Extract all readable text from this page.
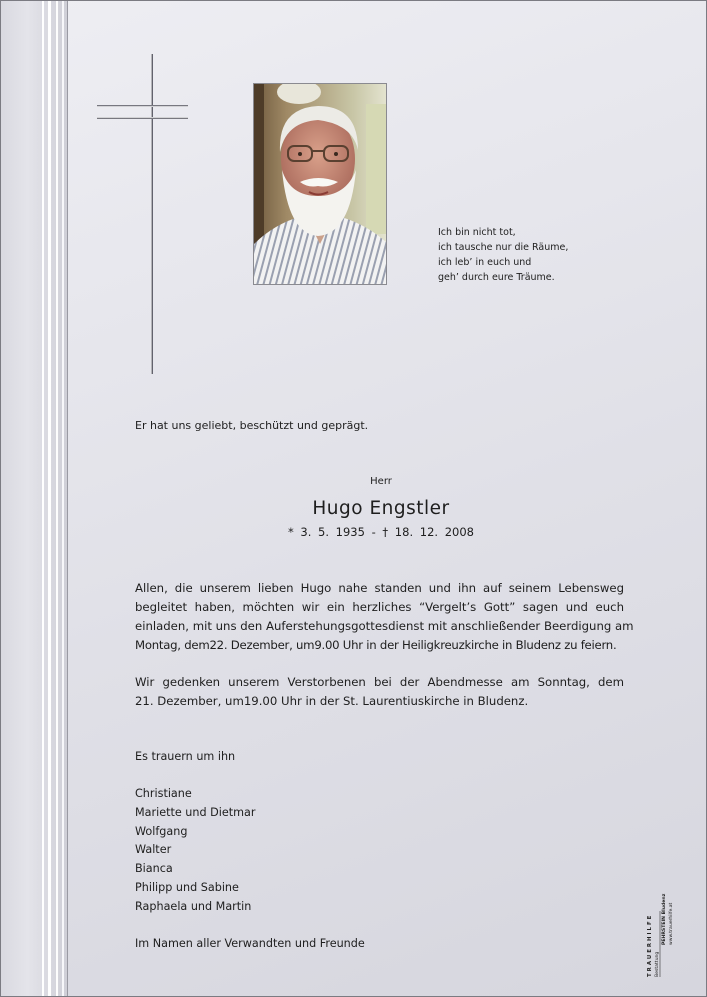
Ich bin nicht tot,
ich tausche nur die Räume,
ich leb’ in euch und
geh’ durch eure Träume.
Er hat uns geliebt, beschützt und geprägt.
Herr
Hugo Engstler
* 3. 5. 1935 - † 18. 12. 2008
Allen, die unserem lieben Hugo nahe standen und ihn auf seinem Lebensweg
begleitet haben, möchten wir ein herzliches “Vergelt’s Gott” sagen und euch
einladen, mit uns den Auferstehungsgottesdienst mit anschließender Beerdigung am
Montag, dem22. Dezember, um9.00 Uhr in der Heiligkreuzkirche in Bludenz zu feiern.
Wir gedenken unserem Verstorbenen bei der Abendmesse am Sonntag, dem
21. Dezember, um19.00 Uhr in der St. Laurentiuskirche in Bludenz.
Es trauern um ihn
Christiane
Mariette und Dietmar
Wolfgang
Walter
Bianca
Philipp und Sabine
Raphaela und Martin
Im Namen aller Verwandten und Freunde	TRAUERHILFE Bestattung
PEHRSTEIN Bludenz www.trauerhilfe.at
